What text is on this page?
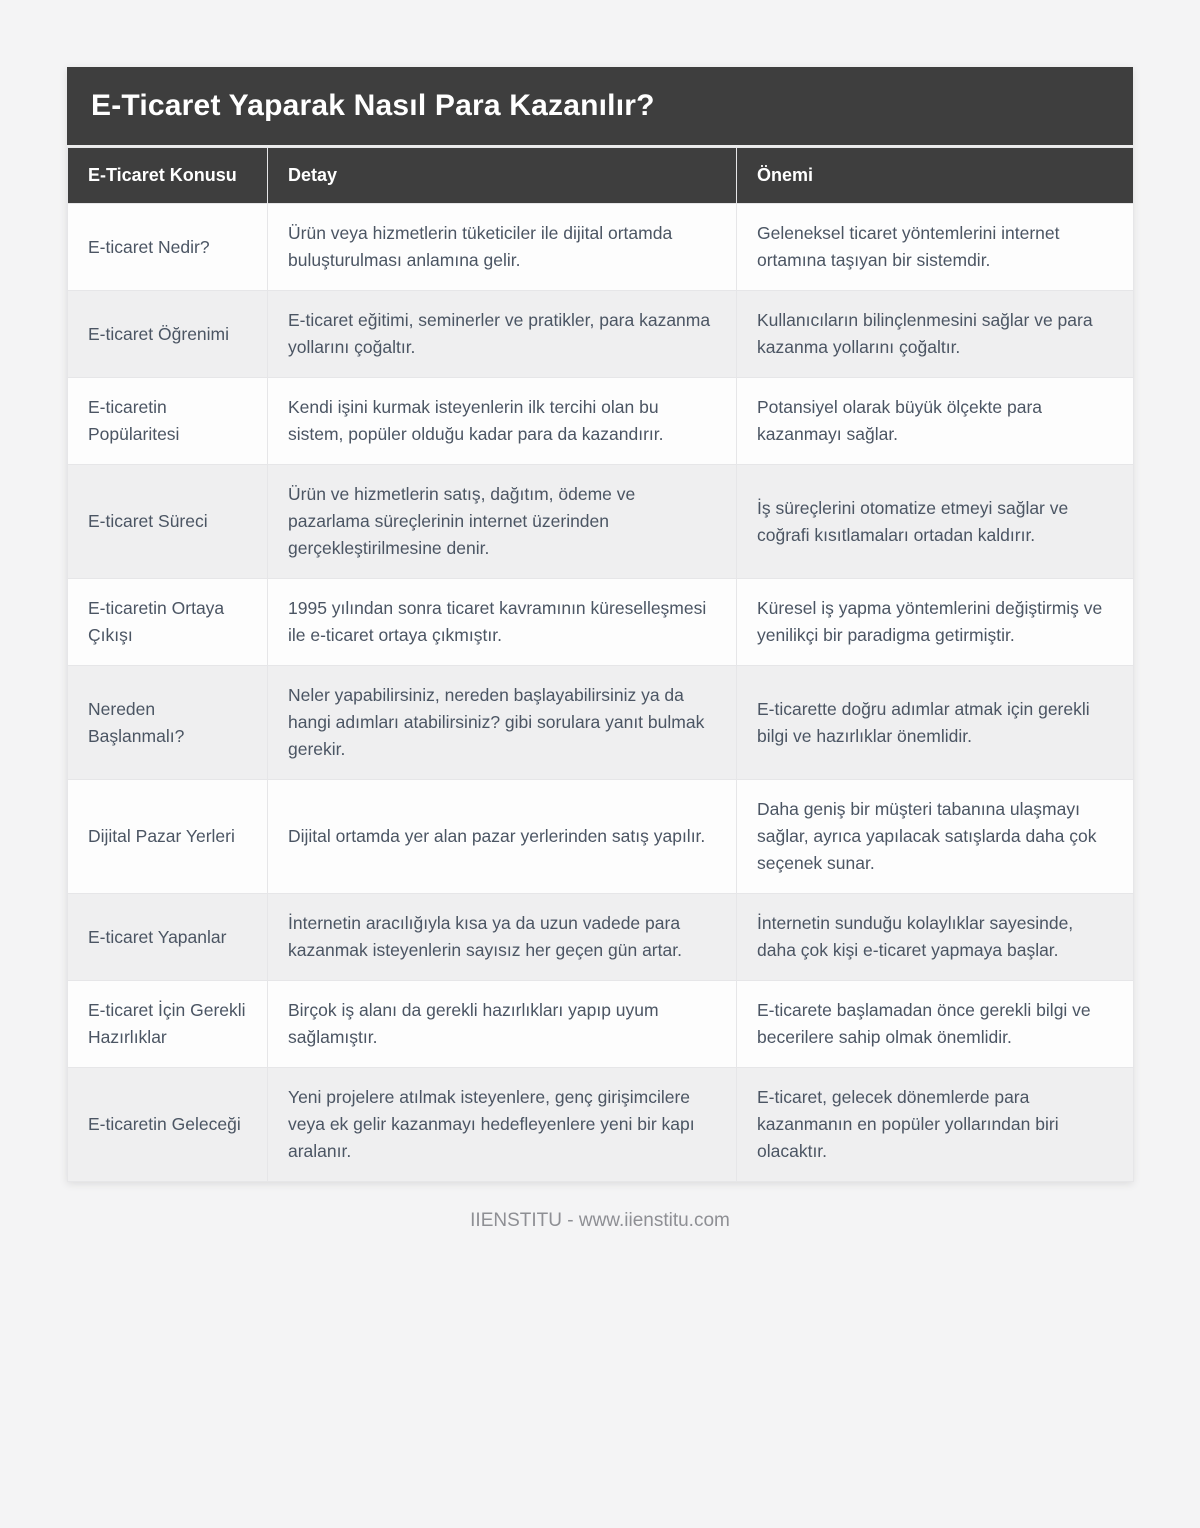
E-Ticaret Yaparak Nasıl Para Kazanılır?
E-Ticaret Konusu	Detay	Önemi
E-ticaret Nedir?	Ürün veya hizmetlerin tüketiciler ile dijital ortamda buluşturulması anlamına gelir.	Geleneksel ticaret yöntemlerini internet ortamına taşıyan bir sistemdir.
E-ticaret Öğrenimi	E-ticaret eğitimi, seminerler ve pratikler, para kazanma yollarını çoğaltır.	Kullanıcıların bilinçlenmesini sağlar ve para kazanma yollarını çoğaltır.
E-ticaretin Popülaritesi	Kendi işini kurmak isteyenlerin ilk tercihi olan bu sistem, popüler olduğu kadar para da kazandırır.	Potansiyel olarak büyük ölçekte para kazanmayı sağlar.
E-ticaret Süreci	Ürün ve hizmetlerin satış, dağıtım, ödeme ve pazarlama süreçlerinin internet üzerinden gerçekleştirilmesine denir.	İş süreçlerini otomatize etmeyi sağlar ve coğrafi kısıtlamaları ortadan kaldırır.
E-ticaretin Ortaya Çıkışı	1995 yılından sonra ticaret kavramının küreselleşmesi ile e-ticaret ortaya çıkmıştır.	Küresel iş yapma yöntemlerini değiştirmiş ve yenilikçi bir paradigma getirmiştir.
Nereden Başlanmalı?	Neler yapabilirsiniz, nereden başlayabilirsiniz ya da hangi adımları atabilirsiniz? gibi sorulara yanıt bulmak gerekir.	E-ticarette doğru adımlar atmak için gerekli bilgi ve hazırlıklar önemlidir.
Dijital Pazar Yerleri	Dijital ortamda yer alan pazar yerlerinden satış yapılır.	Daha geniş bir müşteri tabanına ulaşmayı sağlar, ayrıca yapılacak satışlarda daha çok seçenek sunar.
E-ticaret Yapanlar	İnternetin aracılığıyla kısa ya da uzun vadede para kazanmak isteyenlerin sayısız her geçen gün artar.	İnternetin sunduğu kolaylıklar sayesinde, daha çok kişi e-ticaret yapmaya başlar.
E-ticaret İçin Gerekli Hazırlıklar	Birçok iş alanı da gerekli hazırlıkları yapıp uyum sağlamıştır.	E-ticarete başlamadan önce gerekli bilgi ve becerilere sahip olmak önemlidir.
E-ticaretin Geleceği	Yeni projelere atılmak isteyenlere, genç girişimcilere veya ek gelir kazanmayı hedefleyenlere yeni bir kapı aralanır.	E-ticaret, gelecek dönemlerde para kazanmanın en popüler yollarından biri olacaktır.
IIENSTITU - www.iienstitu.com
